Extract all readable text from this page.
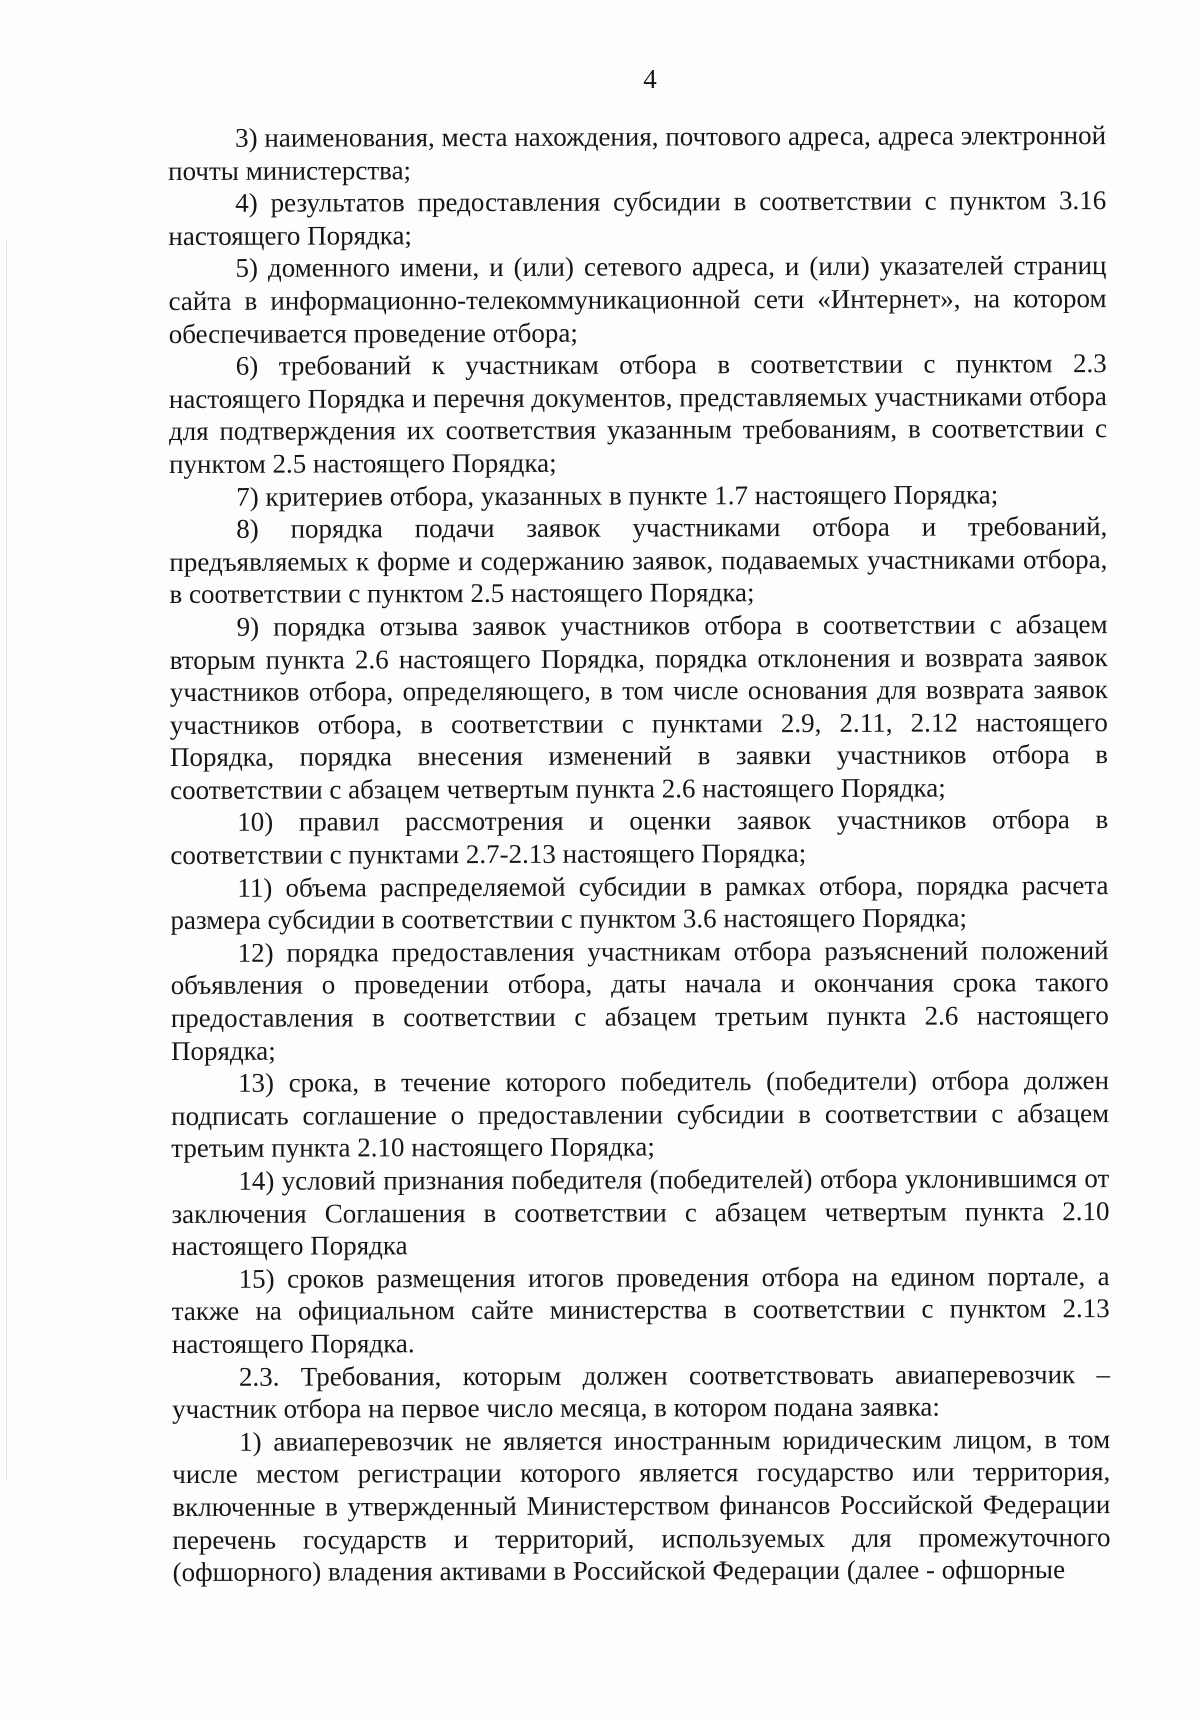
4

3) наименования, места нахождения, почтового адреса, адреса электронной почты министерства;

4) результатов предоставления субсидии в соответствии с пунктом 3.16 настоящего Порядка;

5) доменного имени, и (или) сетевого адреса, и (или) указателей страниц сайта в информационно-телекоммуникационной сети «Интернет», на котором обеспечивается проведение отбора;

6) требований к участникам отбора в соответствии с пунктом 2.3 настоящего Порядка и перечня документов, представляемых участниками отбора для подтверждения их соответствия указанным требованиям, в соответствии с пунктом 2.5 настоящего Порядка;

7) критериев отбора, указанных в пункте 1.7 настоящего Порядка;

8) порядка подачи заявок участниками отбора и требований, предъявляемых к форме и содержанию заявок, подаваемых участниками отбора, в соответствии с пунктом 2.5 настоящего Порядка;

9) порядка отзыва заявок участников отбора в соответствии с абзацем вторым пункта 2.6 настоящего Порядка, порядка отклонения и возврата заявок участников отбора, определяющего, в том числе основания для возврата заявок участников отбора, в соответствии с пунктами 2.9, 2.11, 2.12 настоящего Порядка, порядка внесения изменений в заявки участников отбора в соответствии с абзацем четвертым пункта 2.6 настоящего Порядка;

10) правил рассмотрения и оценки заявок участников отбора в соответствии с пунктами 2.7-2.13 настоящего Порядка;

11) объема распределяемой субсидии в рамках отбора, порядка расчета размера субсидии в соответствии с пунктом 3.6 настоящего Порядка;

12) порядка предоставления участникам отбора разъяснений положений объявления о проведении отбора, даты начала и окончания срока такого предоставления в соответствии с абзацем третьим пункта 2.6 настоящего Порядка;

13) срока, в течение которого победитель (победители) отбора должен подписать соглашение о предоставлении субсидии в соответствии с абзацем третьим пункта 2.10 настоящего Порядка;

14) условий признания победителя (победителей) отбора уклонившимся от заключения Соглашения в соответствии с абзацем четвертым пункта 2.10 настоящего Порядка

15) сроков размещения итогов проведения отбора на едином портале, а также на официальном сайте министерства в соответствии с пунктом 2.13 настоящего Порядка.

2.3. Требования, которым должен соответствовать авиаперевозчик – участник отбора на первое число месяца, в котором подана заявка:

1) авиаперевозчик не является иностранным юридическим лицом, в том числе местом регистрации которого является государство или территория, включенные в утвержденный Министерством финансов Российской Федерации перечень государств и территорий, используемых для промежуточного (офшорного) владения активами в Российской Федерации (далее - офшорные
